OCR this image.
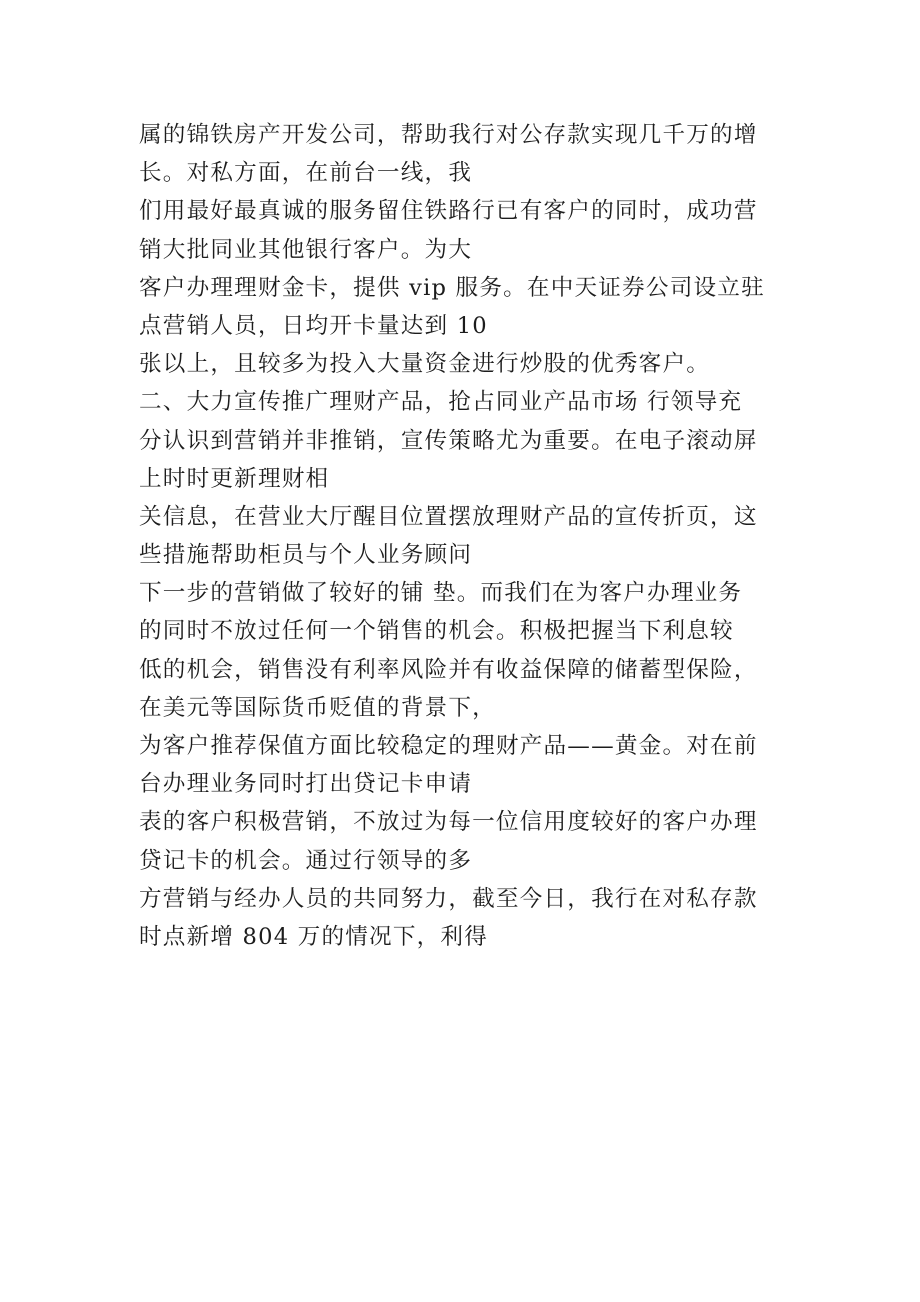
属的锦铁房产开发公司，帮助我行对公存款实现几千万的增
长。对私方面，在前台一线，我
们用最好最真诚的服务留住铁路行已有客户的同时，成功营
销大批同业其他银行客户。为大
客户办理理财金卡，提供 vip 服务。在中天证券公司设立驻
点营销人员，日均开卡量达到 10
张以上，且较多为投入大量资金进行炒股的优秀客户。
二、大力宣传推广理财产品，抢占同业产品市场 行领导充
分认识到营销并非推销，宣传策略尤为重要。在电子滚动屏
上时时更新理财相
关信息，在营业大厅醒目位置摆放理财产品的宣传折页，这
些措施帮助柜员与个人业务顾问
下一步的营销做了较好的铺 垫。而我们在为客户办理业务
的同时不放过任何一个销售的机会。积极把握当下利息较
低的机会，销售没有利率风险并有收益保障的储蓄型保险，
在美元等国际货币贬值的背景下，
为客户推荐保值方面比较稳定的理财产品——黄金。对在前
台办理业务同时打出贷记卡申请
表的客户积极营销，不放过为每一位信用度较好的客户办理
贷记卡的机会。通过行领导的多
方营销与经办人员的共同努力，截至今日，我行在对私存款
时点新增 804 万的情况下，利得
